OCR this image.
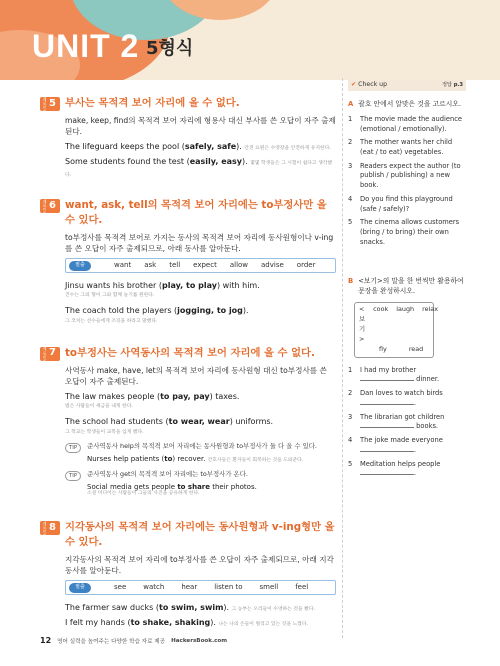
UNIT 2 5형식
출제포인트
5 부사는 목적격 보어 자리에 올 수 없다.

make, keep, find의 목적격 보어 자리에 형용사 대신 부사를 쓴 오답이 자주 출제된다.

The lifeguard keeps the pool (safely, safe). 안전 요원은 수영장을 안전하게 유지한다.

Some students found the test (easily, easy). 몇몇 학생들은 그 시험이 쉽다고 생각했다.

출제포인트
6 want, ask, tell의 목적격 보어 자리에는 to부정사만 올 수 있다.

to부정사를 목적격 보어로 가지는 동사의 목적격 보어 자리에 동사원형이나 v-ing를 쓴 오답이 자주 출제되므로, 아래 동사를 알아둔다.

필출	want ask tell expect allow advise order

Jinsu wants his brother (play, to play) with him.

진수는 그의 형이 그와 함께 놀기를 원한다.

The coach told the players (jogging, to jog).

그 코치는 선수들에게 조깅을 하라고 말했다.
출제포인트
7 to부정사는 사역동사의 목적격 보어 자리에 올 수 없다.

사역동사 make, have, let의 목적격 보어 자리에 동사원형 대신 to부정사를 쓴 오답이 자주 출제된다.

The law makes people (to pay, pay) taxes.

법은 사람들이 세금을 내게 한다.

The school had students (to wear, wear) uniforms.

그 학교는 학생들이 교복을 입게 했다.
TIP	준사역동사 help의 목적격 보어 자리에는 동사원형과 to부정사가 둘 다 올 수 있다.

Nurses help patients (to) recover. 간호사들은 환자들이 회복하는 것을 도와준다.

TIP	준사역동사 get의 목적격 보어 자리에는 to부정사가 온다.

Social media gets people to share their photos.

소셜 미디어는 사람들이 그들의 사진을 공유하게 한다.
출제포인트
8 지각동사의 목적격 보어 자리에는 동사원형과 v-ing형만 올 수 있다.

지각동사의 목적격 보어 자리에 to부정사를 쓴 오답이 자주 출제되므로, 아래 지각동사를 알아둔다.

필출	see watch hear listen to smell feel

The farmer saw ducks (to swim, swim). 그 농부는 오리들이 수영하는 것을 봤다.

I felt my hands (to shake, shaking). 나는 나의 손들이 떨리고 있는 것을 느꼈다.

✔ Check up	정답 p.3
A 괄호 안에서 알맞은 것을 고르시오.
1	The movie made the audience (emotional / emotionally).
2	The mother wants her child (eat / to eat) vegetables.
3	Readers expect the author (to publish / publishing) a new book.
4	Do you find this playground (safe / safely)?
5	The cinema allows customers (bring / to bring) their own snacks.
B <보기>의 말을 한 번씩만 활용하여 문장을 완성하시오.
<보기>
cook laugh relax
fly	read
1	I had my brother
dinner.
2	Dan loves to watch birds
.
3	The librarian got children
books.
4	The joke made everyone
.
5	Meditation helps people
.
12 영어 실력을 높여주는 다양한 학습 자료 제공 HackersBook.com
